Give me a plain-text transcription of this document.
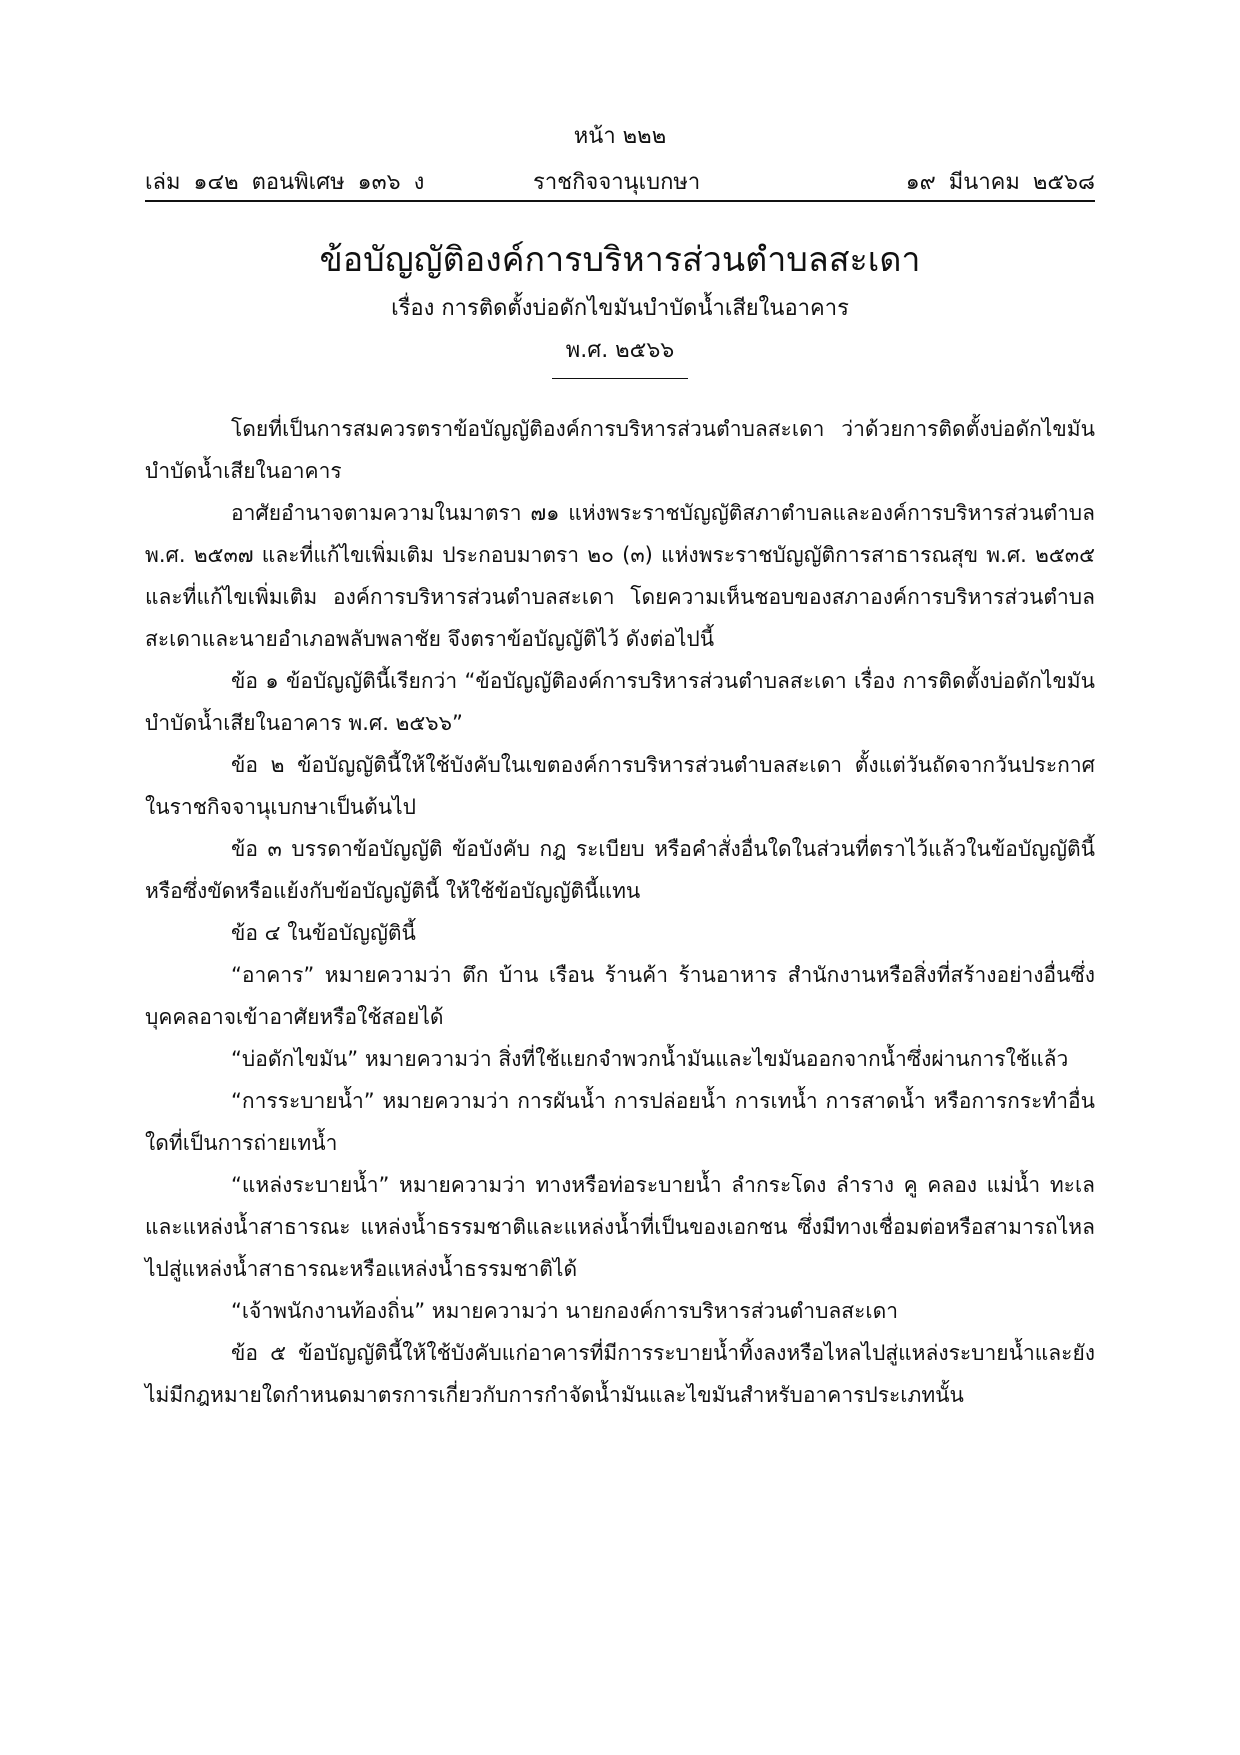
หน้า ๒๒๒
เล่ม ๑๔๒ ตอนพิเศษ ๑๓๖ ง	ราชกิจจานุเบกษา	๑๙ มีนาคม ๒๕๖๘
ข้อบัญญัติองค์การบริหารส่วนตำบลสะเดา
เรื่อง การติดตั้งบ่อดักไขมันบำบัดน้ำเสียในอาคาร
พ.ศ. ๒๕๖๖

โดยที่เป็นการสมควรตราข้อบัญญัติองค์การบริหารส่วนตำบลสะเดา ว่าด้วยการติดตั้งบ่อดักไขมันบำบัดน้ำเสียในอาคาร

อาศัยอำนาจตามความในมาตรา ๗๑ แห่งพระราชบัญญัติสภาตำบลและองค์การบริหารส่วนตำบล พ.ศ. ๒๕๓๗ และที่แก้ไขเพิ่มเติม ประกอบมาตรา ๒๐ (๓) แห่งพระราชบัญญัติการสาธารณสุข พ.ศ. ๒๕๓๕ และที่แก้ไขเพิ่มเติม องค์การบริหารส่วนตำบลสะเดา โดยความเห็นชอบของสภาองค์การบริหารส่วนตำบลสะเดาและนายอำเภอพลับพลาชัย จึงตราข้อบัญญัติไว้ ดังต่อไปนี้

ข้อ ๑ ข้อบัญญัตินี้เรียกว่า “ข้อบัญญัติองค์การบริหารส่วนตำบลสะเดา เรื่อง การติดตั้งบ่อดักไขมันบำบัดน้ำเสียในอาคาร พ.ศ. ๒๕๖๖”

ข้อ ๒ ข้อบัญญัตินี้ให้ใช้บังคับในเขตองค์การบริหารส่วนตำบลสะเดา ตั้งแต่วันถัดจากวันประกาศในราชกิจจานุเบกษาเป็นต้นไป

ข้อ ๓ บรรดาข้อบัญญัติ ข้อบังคับ กฎ ระเบียบ หรือคำสั่งอื่นใดในส่วนที่ตราไว้แล้วในข้อบัญญัตินี้ หรือซึ่งขัดหรือแย้งกับข้อบัญญัตินี้ ให้ใช้ข้อบัญญัตินี้แทน

ข้อ ๔ ในข้อบัญญัตินี้

“อาคาร” หมายความว่า ตึก บ้าน เรือน ร้านค้า ร้านอาหาร สำนักงานหรือสิ่งที่สร้างอย่างอื่นซึ่งบุคคลอาจเข้าอาศัยหรือใช้สอยได้

“บ่อดักไขมัน” หมายความว่า สิ่งที่ใช้แยกจำพวกน้ำมันและไขมันออกจากน้ำซึ่งผ่านการใช้แล้ว

“การระบายน้ำ” หมายความว่า การผันน้ำ การปล่อยน้ำ การเทน้ำ การสาดน้ำ หรือการกระทำอื่นใดที่เป็นการถ่ายเทน้ำ

“แหล่งระบายน้ำ” หมายความว่า ทางหรือท่อระบายน้ำ ลำกระโดง ลำราง คู คลอง แม่น้ำ ทะเล และแหล่งน้ำสาธารณะ แหล่งน้ำธรรมชาติและแหล่งน้ำที่เป็นของเอกชน ซึ่งมีทางเชื่อมต่อหรือสามารถไหลไปสู่แหล่งน้ำสาธารณะหรือแหล่งน้ำธรรมชาติได้

“เจ้าพนักงานท้องถิ่น” หมายความว่า นายกองค์การบริหารส่วนตำบลสะเดา

ข้อ ๕ ข้อบัญญัตินี้ให้ใช้บังคับแก่อาคารที่มีการระบายน้ำทิ้งลงหรือไหลไปสู่แหล่งระบายน้ำและยังไม่มีกฎหมายใดกำหนดมาตรการเกี่ยวกับการกำจัดน้ำมันและไขมันสำหรับอาคารประเภทนั้น
